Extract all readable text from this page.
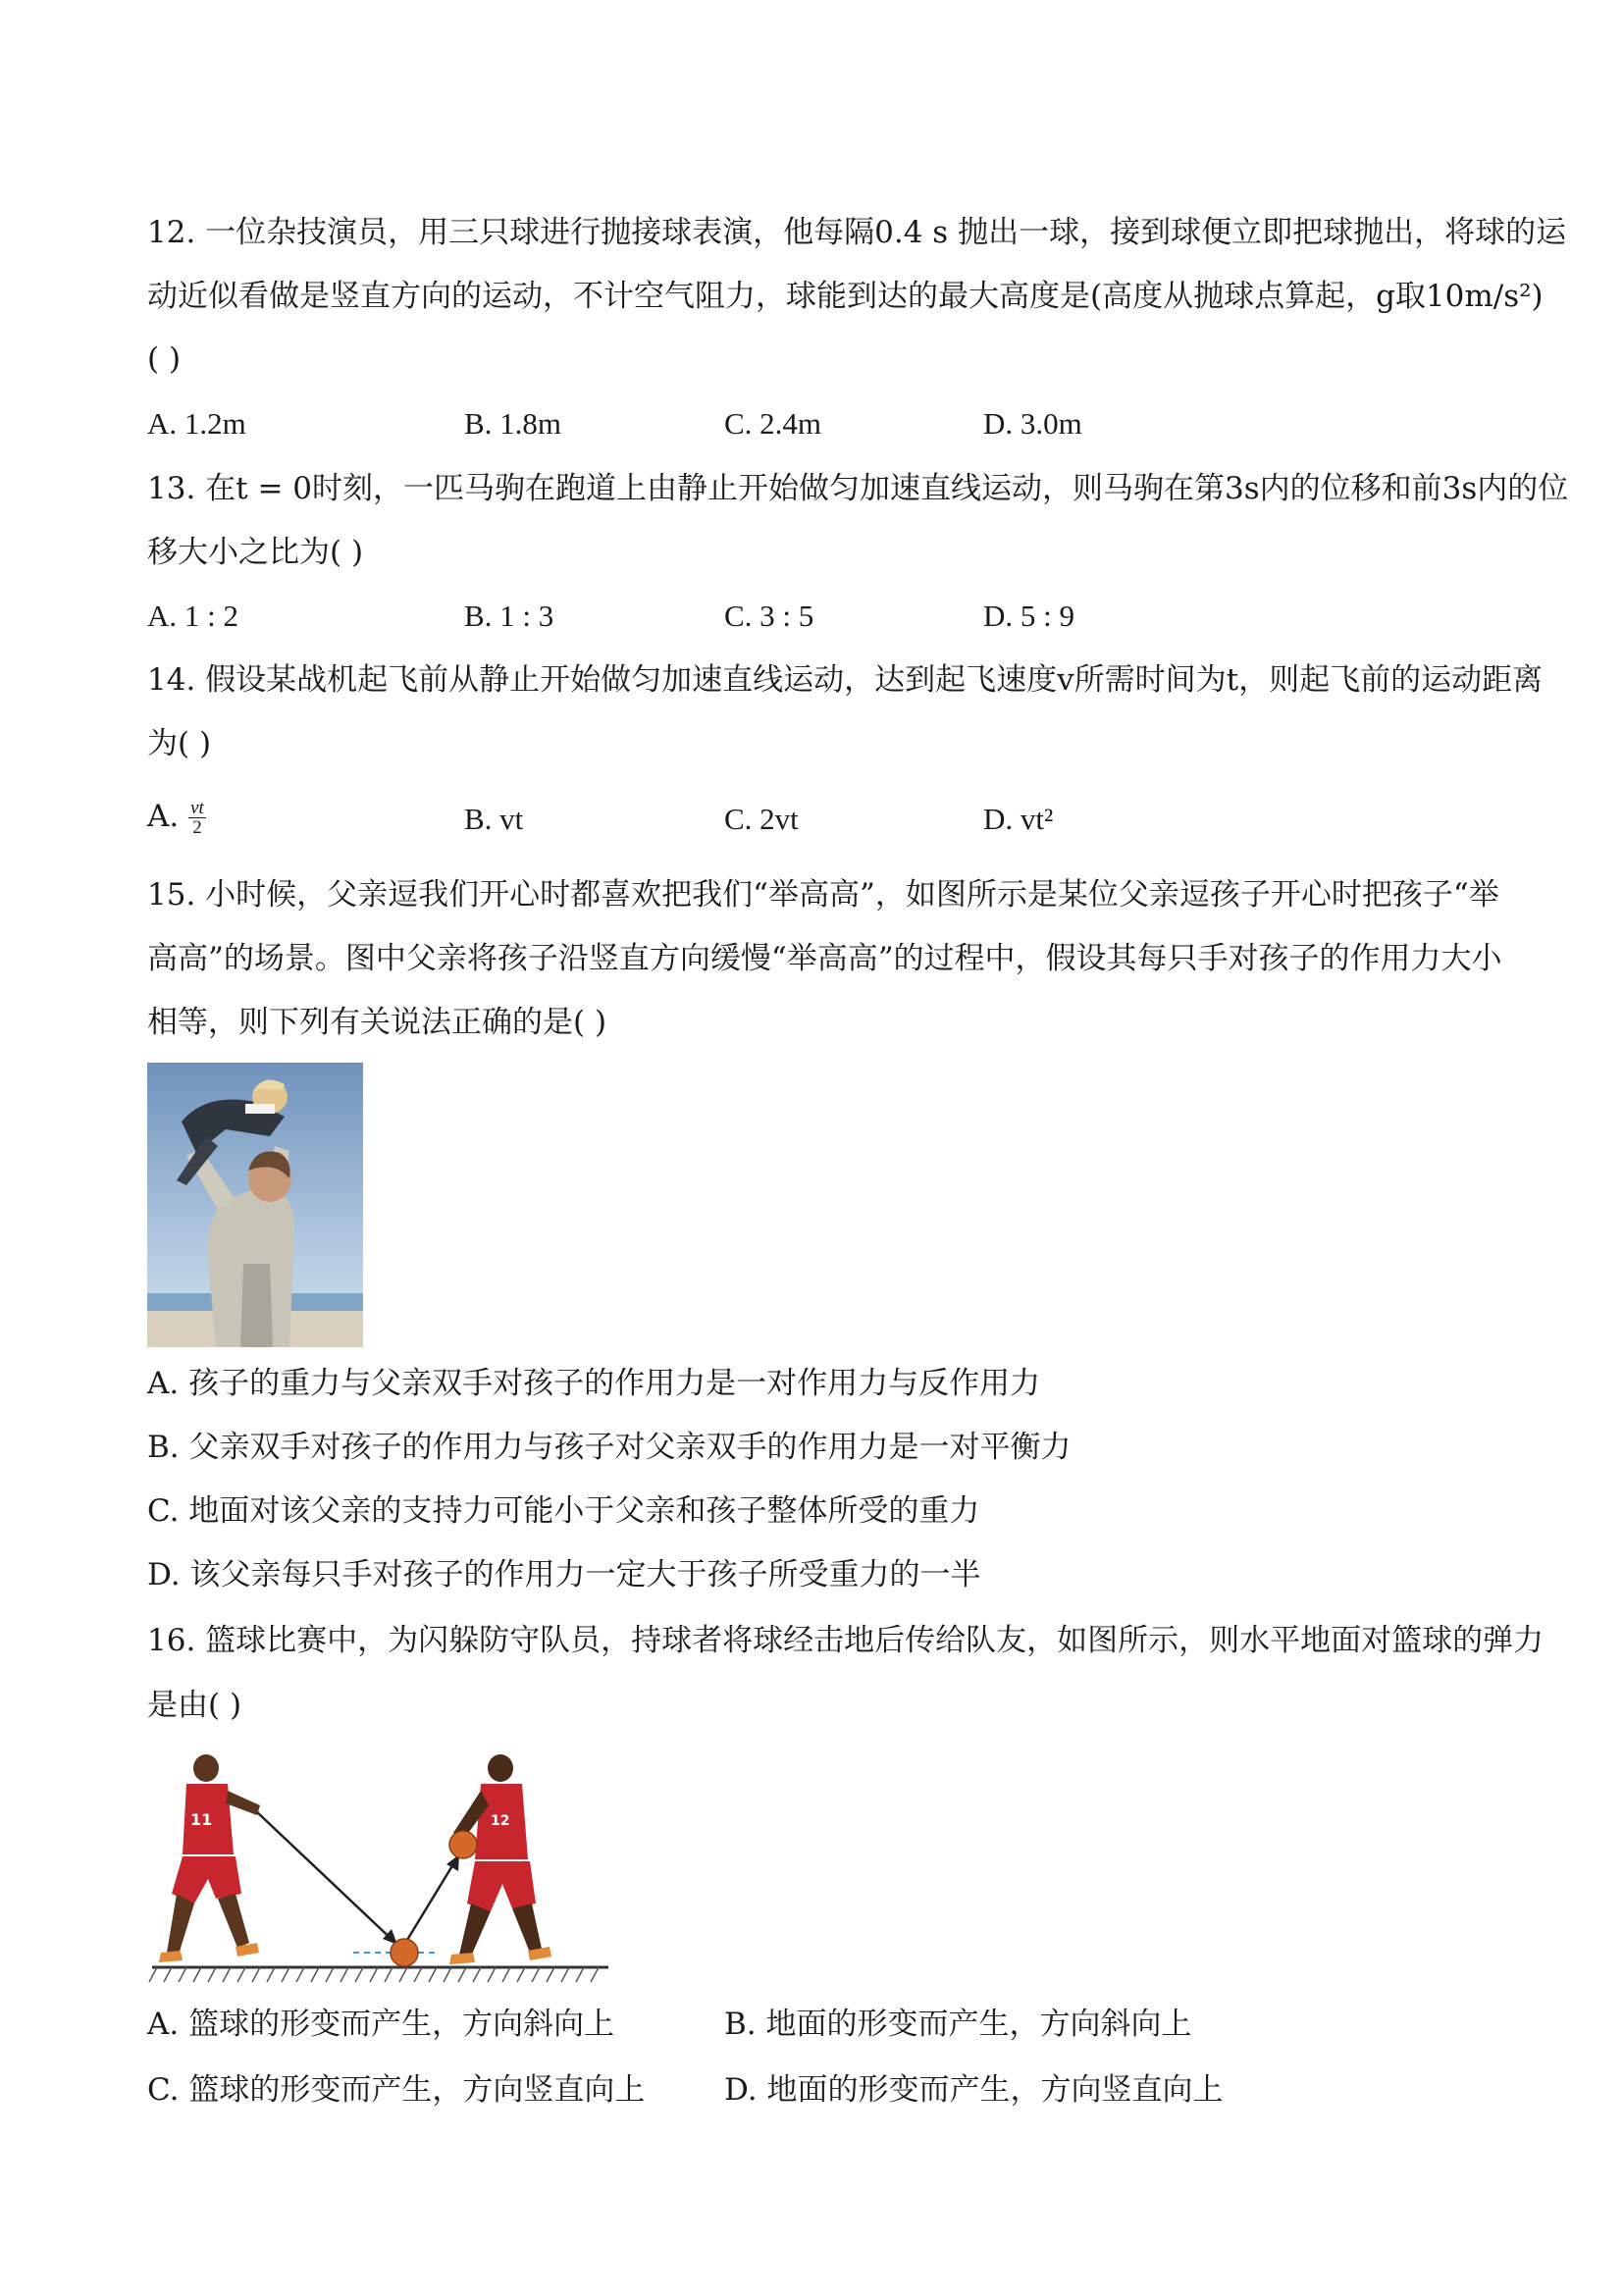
12. 一位杂技演员，用三只球进行抛接球表演，他每隔0.4 s 抛出一球，接到球便立即把球抛出，将球的运
动近似看做是竖直方向的运动，不计空气阻力，球能到达的最大高度是(高度从抛球点算起，g取10m/s²)
( )
A. 1.2m	B. 1.8m	C. 2.4m	D. 3.0m
13. 在t = 0时刻，一匹马驹在跑道上由静止开始做匀加速直线运动，则马驹在第3s内的位移和前3s内的位
移大小之比为( )
A. 1 : 2	B. 1 : 3	C. 3 : 5	D. 5 : 9
14. 假设某战机起飞前从静止开始做匀加速直线运动，达到起飞速度v所需时间为t，则起飞前的运动距离
为( )
A. $\frac{vt}{2}$	B. vt	C. 2vt	D. vt²
15. 小时候，父亲逗我们开心时都喜欢把我们“举高高”，如图所示是某位父亲逗孩子开心时把孩子“举
高高”的场景。图中父亲将孩子沿竖直方向缓慢“举高高”的过程中，假设其每只手对孩子的作用力大小
相等，则下列有关说法正确的是( )
A. 孩子的重力与父亲双手对孩子的作用力是一对作用力与反作用力
B. 父亲双手对孩子的作用力与孩子对父亲双手的作用力是一对平衡力
C. 地面对该父亲的支持力可能小于父亲和孩子整体所受的重力
D. 该父亲每只手对孩子的作用力一定大于孩子所受重力的一半
16. 篮球比赛中，为闪躲防守队员，持球者将球经击地后传给队友，如图所示，则水平地面对篮球的弹力
是由( )
11	12
A. 篮球的形变而产生，方向斜向上	B. 地面的形变而产生，方向斜向上
C. 篮球的形变而产生，方向竖直向上	D. 地面的形变而产生，方向竖直向上
